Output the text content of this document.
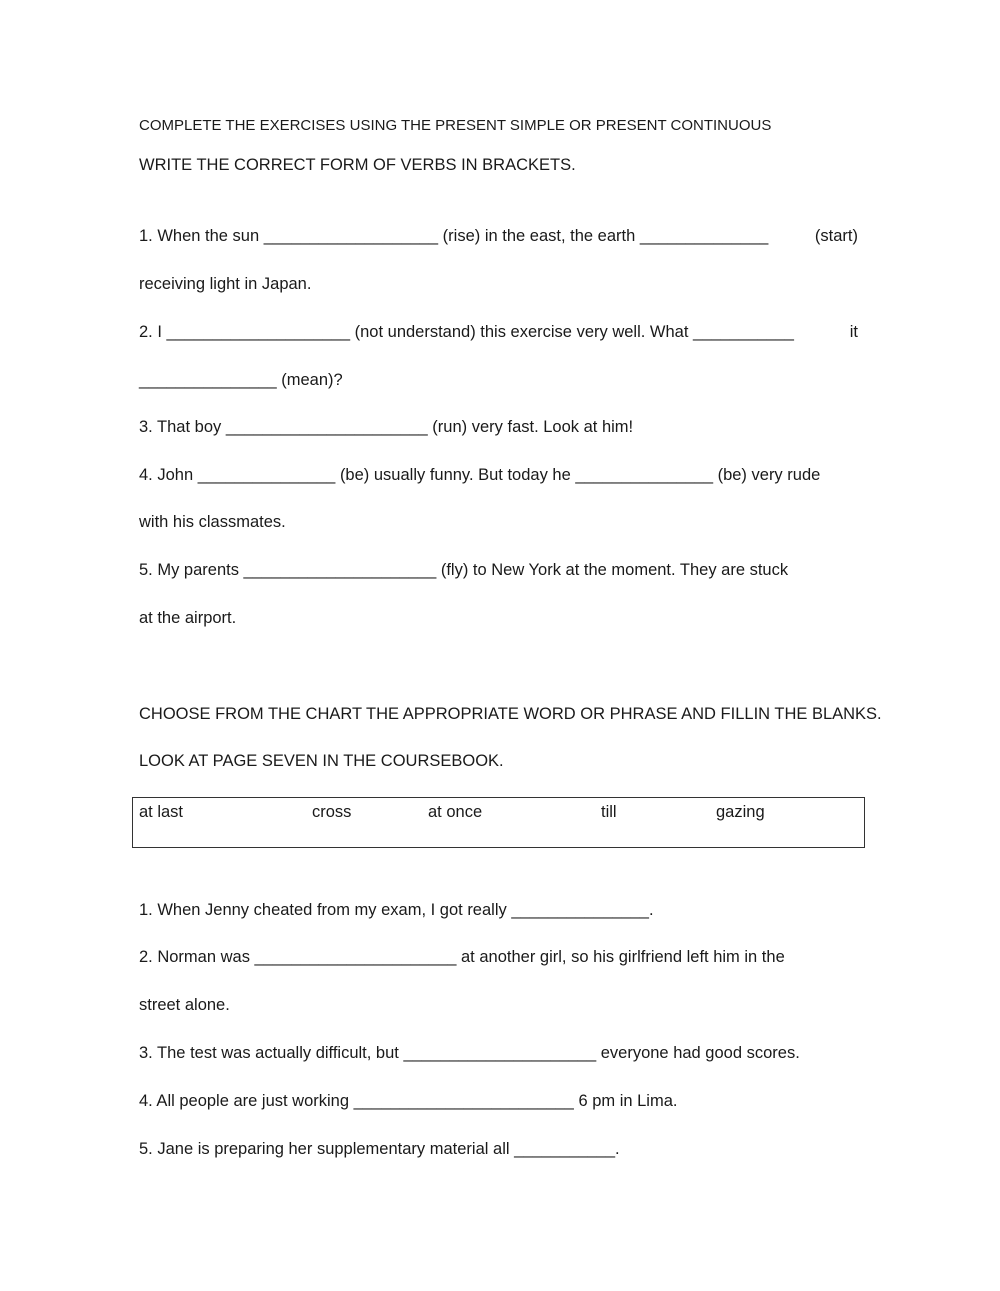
COMPLETE THE EXERCISES USING THE PRESENT SIMPLE OR PRESENT CONTINUOUS
WRITE THE CORRECT FORM OF VERBS IN BRACKETS.
1. When the sun ___________________ (rise) in the east, the earth ______________	(start)
receiving light in Japan.
2. I ____________________ (not understand) this exercise very well. What ___________	it
_______________ (mean)?
3. That boy ______________________ (run) very fast. Look at him!
4. John _______________ (be) usually funny. But today he _______________ (be) very rude
with his classmates.
5. My parents _____________________ (fly) to New York at the moment. They are stuck
at the airport.
CHOOSE FROM THE CHART THE APPROPRIATE WORD OR PHRASE AND FILLIN THE BLANKS.
LOOK AT PAGE SEVEN IN THE COURSEBOOK.
at last	cross	at once	till	gazing
1. When Jenny cheated from my exam, I got really _______________.
2. Norman was ______________________ at another girl, so his girlfriend left him in the
street alone.
3. The test was actually difficult, but _____________________ everyone had good scores.
4. All people are just working ________________________ 6 pm in Lima.
5. Jane is preparing her supplementary material all ___________.
